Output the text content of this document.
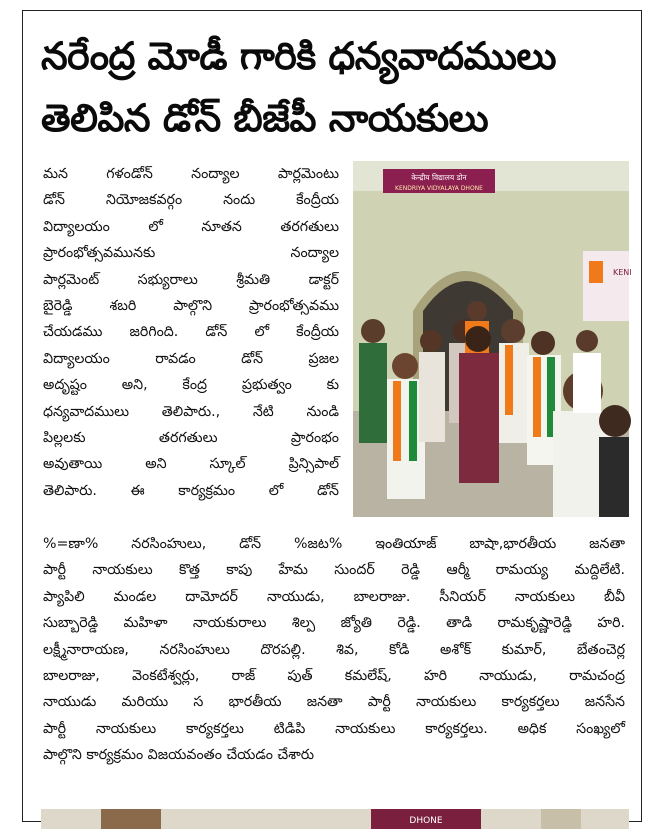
నరేంద్ర మోడీ గారికి ధన్యవాదములు
తెలిపిన డోన్ బీజేపీ నాయకులు
మన గళండోన్ నంద్యాల పార్లమెంటు
డోన్ నియోజకవర్గం నందు కేంద్రీయ
విద్యాలయం లో నూతన తరగతులు
ప్రారంభోత్సవమునకు నంద్యాల
పార్లమెంట్ సభ్యురాలు శ్రీమతి డాక్టర్
బైరెడ్డి శబరి పాల్గొని ప్రారంభోత్సవము
చేయడము జరిగింది. డోన్ లో కేంద్రీయ
విద్యాలయం రావడం డోన్ ప్రజల
అదృష్టం అని, కేంద్ర ప్రభుత్వం కు
ధన్యవాదములు తెలిపారు., నేటి నుండి
పిల్లలకు తరగతులు ప్రారంభం
అవుతాయి అని స్కూల్ ప్రిన్సిపాల్
తెలిపారు. ఈ కార్యక్రమం లో డోన్
केन्द्रीय विद्यालय डोन
KENDRIYA VIDYALAYA DHONE
KENI
%=ణా% నరసింహులు, డోన్ %జట% ఇంతియాజ్ బాషా,భారతీయ జనతా
పార్టీ నాయకులు కొత్త కాపు హేమ సుందర్ రెడ్డి ఆర్మీ రామయ్య మద్దిలేటి.
ప్యాపిలి మండల దామోదర్ నాయుడు, బాలరాజు. సీనియర్ నాయకులు బీవీ
సుబ్బారెడ్డి మహిళా నాయకురాలు శిల్ప జ్యోతి రెడ్డి. తాడి రామకృష్ణారెడ్డి హరి.
లక్ష్మీనారాయణ, నరసింహులు దొరపల్లి. శివ, కోడి అశోక్ కుమార్, బేతంచెర్ల
బాలరాజు, వెంకటేశ్వర్లు, రాజ్ పుత్ కమలేష్, హరి నాయుడు, రామచంద్ర
నాయుడు మరియు స భారతీయ జనతా పార్టీ నాయకులు కార్యకర్తలు జనసేన
పార్టీ నాయకులు కార్యకర్తలు టిడిపి నాయకులు కార్యకర్తలు. అధిక సంఖ్యలో
పాల్గొని కార్యక్రమం విజయవంతం చేయడం చేశారు
DHONE
